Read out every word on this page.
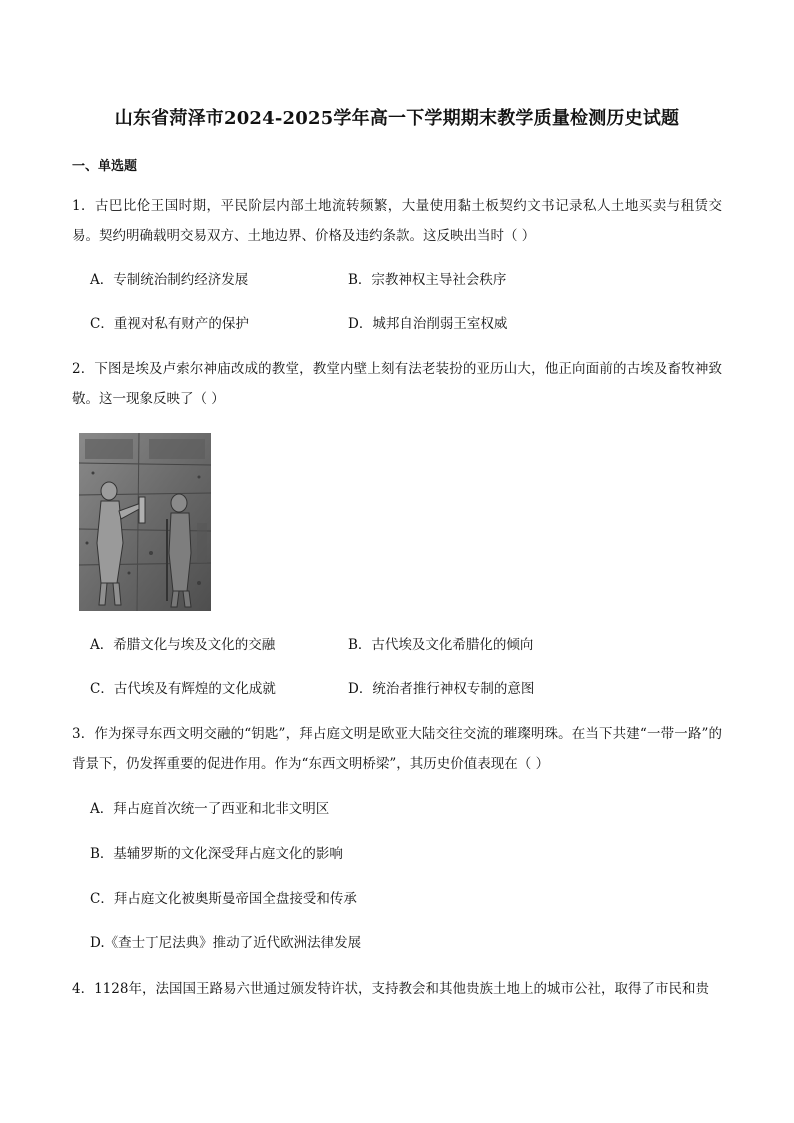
山东省菏泽市2024-2025学年高一下学期期末教学质量检测历史试题
一、单选题
1．古巴比伦王国时期，平民阶层内部土地流转频繁，大量使用黏土板契约文书记录私人土地买卖与租赁交易。契约明确载明交易双方、土地边界、价格及违约条款。这反映出当时（ ）
A．专制统治制约经济发展	B．宗教神权主导社会秩序
C．重视对私有财产的保护	D．城邦自治削弱王室权威
2．下图是埃及卢索尔神庙改成的教堂，教堂内壁上刻有法老装扮的亚历山大，他正向面前的古埃及畜牧神致敬。这一现象反映了（ ）
A．希腊文化与埃及文化的交融	B．古代埃及文化希腊化的倾向
C．古代埃及有辉煌的文化成就	D．统治者推行神权专制的意图
3．作为探寻东西文明交融的“钥匙”，拜占庭文明是欧亚大陆交往交流的璀璨明珠。在当下共建“一带一路”的背景下，仍发挥重要的促进作用。作为“东西文明桥梁”，其历史价值表现在（ ）
A．拜占庭首次统一了西亚和北非文明区
B．基辅罗斯的文化深受拜占庭文化的影响
C．拜占庭文化被奥斯曼帝国全盘接受和传承
D.《查士丁尼法典》推动了近代欧洲法律发展
4．1128年，法国国王路易六世通过颁发特许状，支持教会和其他贵族土地上的城市公社，取得了市民和贵
